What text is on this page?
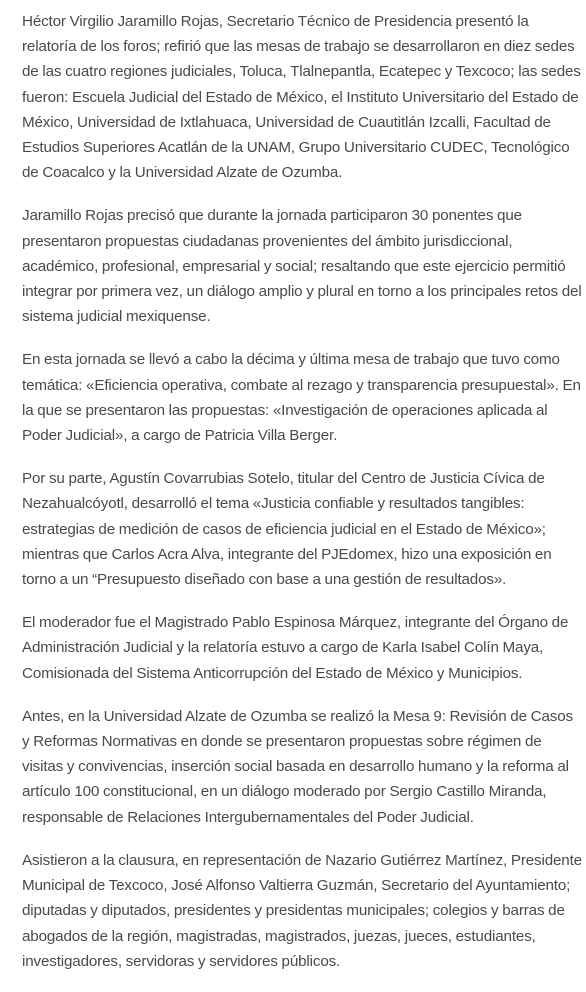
Héctor Virgilio Jaramillo Rojas, Secretario Técnico de Presidencia presentó la relatoría de los foros; refirió que las mesas de trabajo se desarrollaron en diez sedes de las cuatro regiones judiciales, Toluca, Tlalnepantla, Ecatepec y Texcoco; las sedes fueron: Escuela Judicial del Estado de México, el Instituto Universitario del Estado de México, Universidad de Ixtlahuaca, Universidad de Cuautitlán Izcalli, Facultad de Estudios Superiores Acatlán de la UNAM, Grupo Universitario CUDEC, Tecnológico de Coacalco y la Universidad Alzate de Ozumba.

Jaramillo Rojas precisó que durante la jornada participaron 30 ponentes que presentaron propuestas ciudadanas provenientes del ámbito jurisdiccional, académico, profesional, empresarial y social; resaltando que este ejercicio permitió integrar por primera vez, un diálogo amplio y plural en torno a los principales retos del sistema judicial mexiquense.

En esta jornada se llevó a cabo la décima y última mesa de trabajo que tuvo como temática: «Eficiencia operativa, combate al rezago y transparencia presupuestal». En la que se presentaron las propuestas: «Investigación de operaciones aplicada al Poder Judicial», a cargo de Patricia Villa Berger.

Por su parte, Agustín Covarrubias Sotelo, titular del Centro de Justicia Cívica de Nezahualcóyotl, desarrolló el tema «Justicia confiable y resultados tangibles: estrategias de medición de casos de eficiencia judicial en el Estado de México»; mientras que Carlos Acra Alva, integrante del PJEdomex, hizo una exposición en torno a un “Presupuesto diseñado con base a una gestión de resultados».

El moderador fue el Magistrado Pablo Espinosa Márquez, integrante del Órgano de Administración Judicial y la relatoría estuvo a cargo de Karla Isabel Colín Maya, Comisionada del Sistema Anticorrupción del Estado de México y Municipios.

Antes, en la Universidad Alzate de Ozumba se realizó la Mesa 9: Revisión de Casos y Reformas Normativas en donde se presentaron propuestas sobre régimen de visitas y convivencias, inserción social basada en desarrollo humano y la reforma al artículo 100 constitucional, en un diálogo moderado por Sergio Castillo Miranda, responsable de Relaciones Intergubernamentales del Poder Judicial.

Asistieron a la clausura, en representación de Nazario Gutiérrez Martínez, Presidente Municipal de Texcoco, José Alfonso Valtierra Guzmán, Secretario del Ayuntamiento; diputadas y diputados, presidentes y presidentas municipales; colegios y barras de abogados de la región, magistradas, magistrados, juezas, jueces, estudiantes, investigadores, servidoras y servidores públicos.
